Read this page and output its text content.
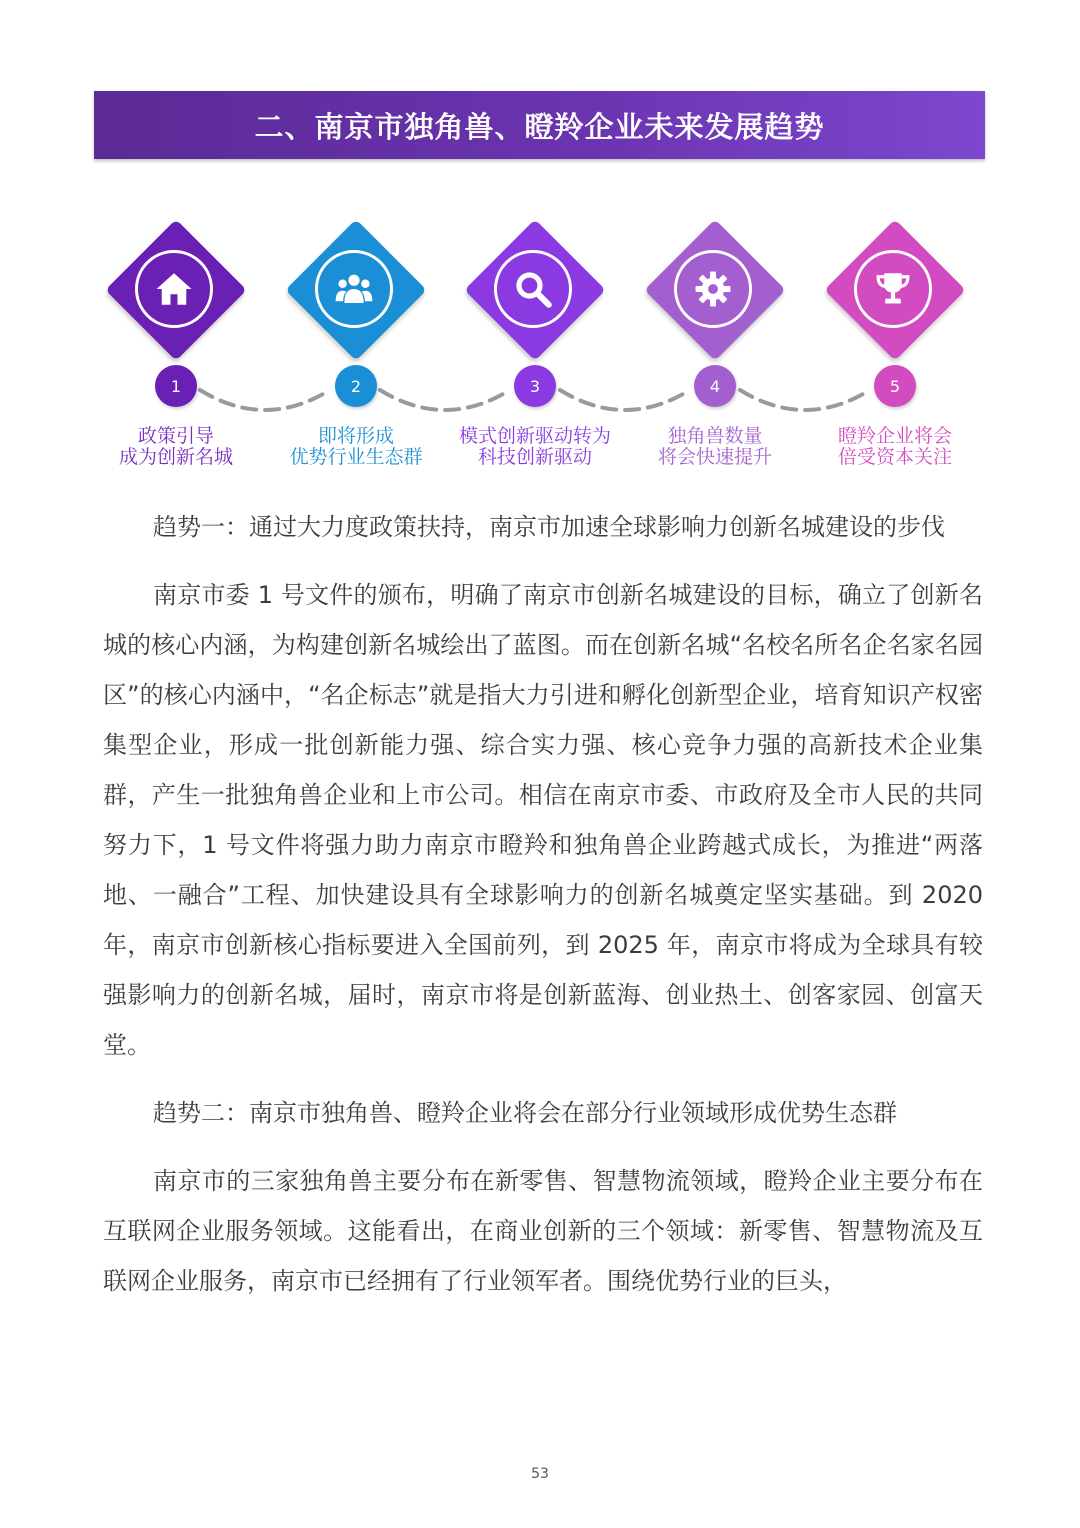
二、南京市独角兽、瞪羚企业未来发展趋势
1
政策引导
成为创新名城
2
即将形成
优势行业生态群
3
模式创新驱动转为
科技创新驱动
4
独角兽数量
将会快速提升
5
瞪羚企业将会
倍受资本关注

趋势一：通过大力度政策扶持，南京市加速全球影响力创新名城建设的步伐

南京市委 1 号文件的颁布，明确了南京市创新名城建设的目标，确立了创新名城的核心内涵，为构建创新名城绘出了蓝图。而在创新名城“名校名所名企名家名园区”的核心内涵中，“名企标志”就是指大力引进和孵化创新型企业，培育知识产权密集型企业，形成一批创新能力强、综合实力强、核心竞争力强的高新技术企业集群，产生一批独角兽企业和上市公司。相信在南京市委、市政府及全市人民的共同努力下，1 号文件将强力助力南京市瞪羚和独角兽企业跨越式成长，为推进“两落地、一融合”工程、加快建设具有全球影响力的创新名城奠定坚实基础。到 2020 年，南京市创新核心指标要进入全国前列，到 2025 年，南京市将成为全球具有较强影响力的创新名城，届时，南京市将是创新蓝海、创业热土、创客家园、创富天堂。

趋势二：南京市独角兽、瞪羚企业将会在部分行业领域形成优势生态群

南京市的三家独角兽主要分布在新零售、智慧物流领域，瞪羚企业主要分布在互联网企业服务领域。这能看出，在商业创新的三个领域：新零售、智慧物流及互联网企业服务，南京市已经拥有了行业领军者。围绕优势行业的巨头，

53
